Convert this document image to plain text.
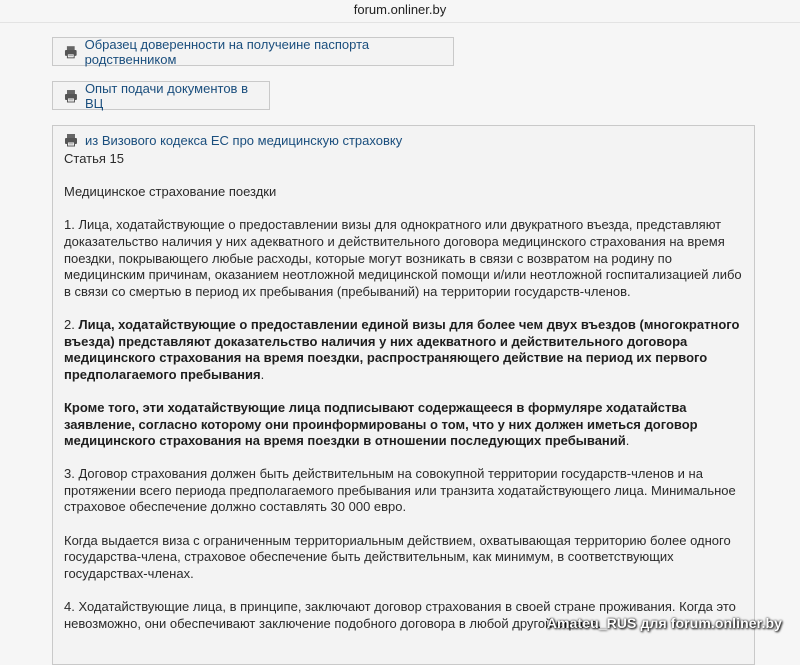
forum.onliner.by
Образец доверенности на получеине паспорта родственником
Опыт подачи документов в ВЦ
из Визового кодекса ЕС про медицинскую страховку

Статья 15

Медицинское страхование поездки

1. Лица, ходатайствующие о предоставлении визы для однократного или двукратного въезда, представляют доказательство наличия у них адекватного и действительного договора медицинского страхования на время поездки, покрывающего любые расходы, которые могут возникать в связи с возвратом на родину по медицинским причинам, оказанием неотложной медицинской помощи и/или неотложной госпитализацией либо в связи со смертью в период их пребывания (пребываний) на территории государств-членов.

2. Лица, ходатайствующие о предоставлении единой визы для более чем двух въездов (многократного въезда) представляют доказательство наличия у них адекватного и действительного договора медицинского страхования на время поездки, распространяющего действие на период их первого предполагаемого пребывания.

Кроме того, эти ходатайствующие лица подписывают содержащееся в формуляре ходатайства заявление, согласно которому они проинформированы о том, что у них должен иметься договор медицинского страхования на время поездки в отношении последующих пребываний.

3. Договор страхования должен быть действительным на совокупной территории государств-членов и на протяжении всего периода предполагаемого пребывания или транзита ходатайствующего лица. Минимальное страховое обеспечение должно составлять 30 000 евро.

Когда выдается виза с ограниченным территориальным действием, охватывающая территорию более одного государства-члена, страховое обеспечение быть действительным, как минимум, в соответствующих государствах-членах.

4. Ходатайствующие лица, в принципе, заключают договор страхования в своей стране проживания. Когда это невозможно, они обеспечивают заключение подобного договора в любой другой стране.

Amateu_RUS для forum.onliner.by
